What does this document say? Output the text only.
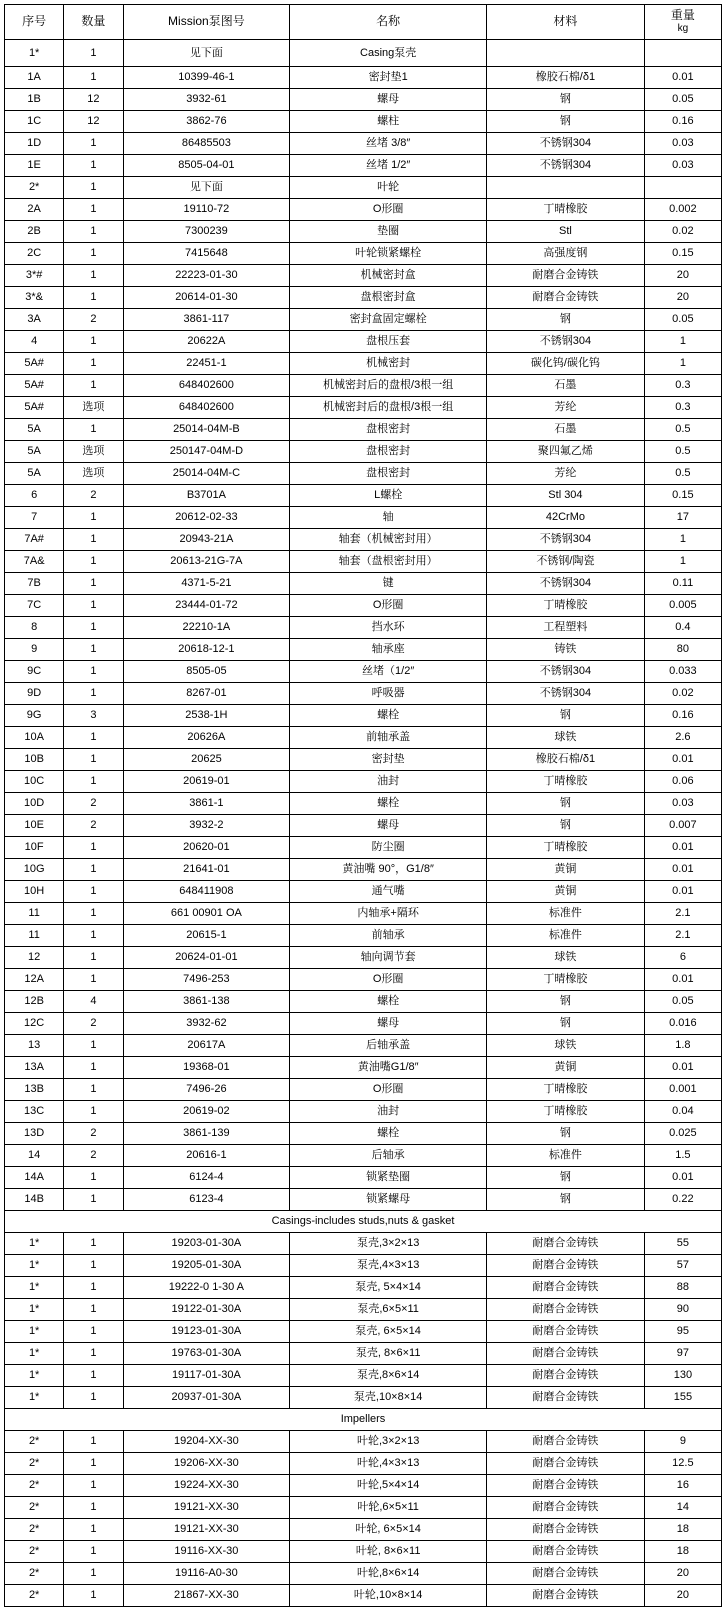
序号	数量	Mission泵图号	名称	材料	重量
kg

1*	1	见下面	Casing泵壳		
1A	1	10399-46-1	密封垫1	橡胶石棉/δ1	0.01
1B	12	3932-61	螺母	钢	0.05
1C	12	3862-76	螺柱	钢	0.16
1D	1	86485503	丝堵 3/8″	不锈钢304	0.03
1E	1	8505-04-01	丝堵 1/2″	不锈钢304	0.03
2*	1	见下面	叶轮		
2A	1	19110-72	O形圈	丁晴橡胶	0.002
2B	1	7300239	垫圈	Stl	0.02
2C	1	7415648	叶轮锁紧螺栓	高强度钢	0.15
3*#	1	22223-01-30	机械密封盒	耐磨合金铸铁	20
3*&	1	20614-01-30	盘根密封盒	耐磨合金铸铁	20
3A	2	3861-117	密封盒固定螺栓	钢	0.05
4	1	20622A	盘根压套	不锈钢304	1
5A#	1	22451-1	机械密封	碳化钨/碳化钨	1
5A#	1	648402600	机械密封后的盘根/3根一组	石墨	0.3
5A#	选项	648402600	机械密封后的盘根/3根一组	芳纶	0.3
5A	1	25014-04M-B	盘根密封	石墨	0.5
5A	选项	250147-04M-D	盘根密封	聚四氟乙烯	0.5
5A	选项	25014-04M-C	盘根密封	芳纶	0.5
6	2	B3701A	L螺栓	Stl 304	0.15
7	1	20612-02-33	轴	42CrMo	17
7A#	1	20943-21A	轴套（机械密封用）	不锈钢304	1
7A&	1	20613-21G-7A	轴套（盘根密封用）	不锈钢/陶瓷	1
7B	1	4371-5-21	键	不锈钢304	0.11
7C	1	23444-01-72	O形圈	丁晴橡胶	0.005
8	1	22210-1A	挡水环	工程塑料	0.4
9	1	20618-12-1	轴承座	铸铁	80
9C	1	8505-05	丝堵（1/2″	不锈钢304	0.033
9D	1	8267-01	呼吸器	不锈钢304	0.02
9G	3	2538-1H	螺栓	钢	0.16
10A	1	20626A	前轴承盖	球铁	2.6
10B	1	20625	密封垫	橡胶石棉/δ1	0.01
10C	1	20619-01	油封	丁晴橡胶	0.06
10D	2	3861-1	螺栓	钢	0.03
10E	2	3932-2	螺母	钢	0.007
10F	1	20620-01	防尘圈	丁晴橡胶	0.01
10G	1	21641-01	黄油嘴 90°，G1/8″	黄铜	0.01
10H	1	648411908	通气嘴	黄铜	0.01
11	1	661 00901 OA	内轴承+隔环	标准件	2.1
11	1	20615-1	前轴承	标准件	2.1
12	1	20624-01-01	轴向调节套	球铁	6
12A	1	7496-253	O形圈	丁晴橡胶	0.01
12B	4	3861-138	螺栓	钢	0.05
12C	2	3932-62	螺母	钢	0.016
13	1	20617A	后轴承盖	球铁	1.8
13A	1	19368-01	黄油嘴G1/8″	黄铜	0.01
13B	1	7496-26	O形圈	丁晴橡胶	0.001
13C	1	20619-02	油封	丁晴橡胶	0.04
13D	2	3861-139	螺栓	钢	0.025
14	2	20616-1	后轴承	标准件	1.5
14A	1	6124-4	锁紧垫圈	钢	0.01
14B	1	6123-4	锁紧螺母	钢	0.22
Casings-includes studs,nuts & gasket					
1*	1	19203-01-30A	泵壳,3×2×13	耐磨合金铸铁	55
1*	1	19205-01-30A	泵壳,4×3×13	耐磨合金铸铁	57
1*	1	19222-0 1-30 A	泵壳, 5×4×14	耐磨合金铸铁	88
1*	1	19122-01-30A	泵壳,6×5×11	耐磨合金铸铁	90
1*	1	19123-01-30A	泵壳, 6×5×14	耐磨合金铸铁	95
1*	1	19763-01-30A	泵壳, 8×6×11	耐磨合金铸铁	97
1*	1	19117-01-30A	泵壳,8×6×14	耐磨合金铸铁	130
1*	1	20937-01-30A	泵壳,10×8×14	耐磨合金铸铁	155
Impellers					
2*	1	19204-XX-30	叶轮,3×2×13	耐磨合金铸铁	9
2*	1	19206-XX-30	叶轮,4×3×13	耐磨合金铸铁	12.5
2*	1	19224-XX-30	叶轮,5×4×14	耐磨合金铸铁	16
2*	1	19121-XX-30	叶轮,6×5×11	耐磨合金铸铁	14
2*	1	19121-XX-30	叶轮, 6×5×14	耐磨合金铸铁	18
2*	1	19116-XX-30	叶轮, 8×6×11	耐磨合金铸铁	18
2*	1	19116-A0-30	叶轮,8×6×14	耐磨合金铸铁	20
2*	1	21867-XX-30	叶轮,10×8×14	耐磨合金铸铁	20
